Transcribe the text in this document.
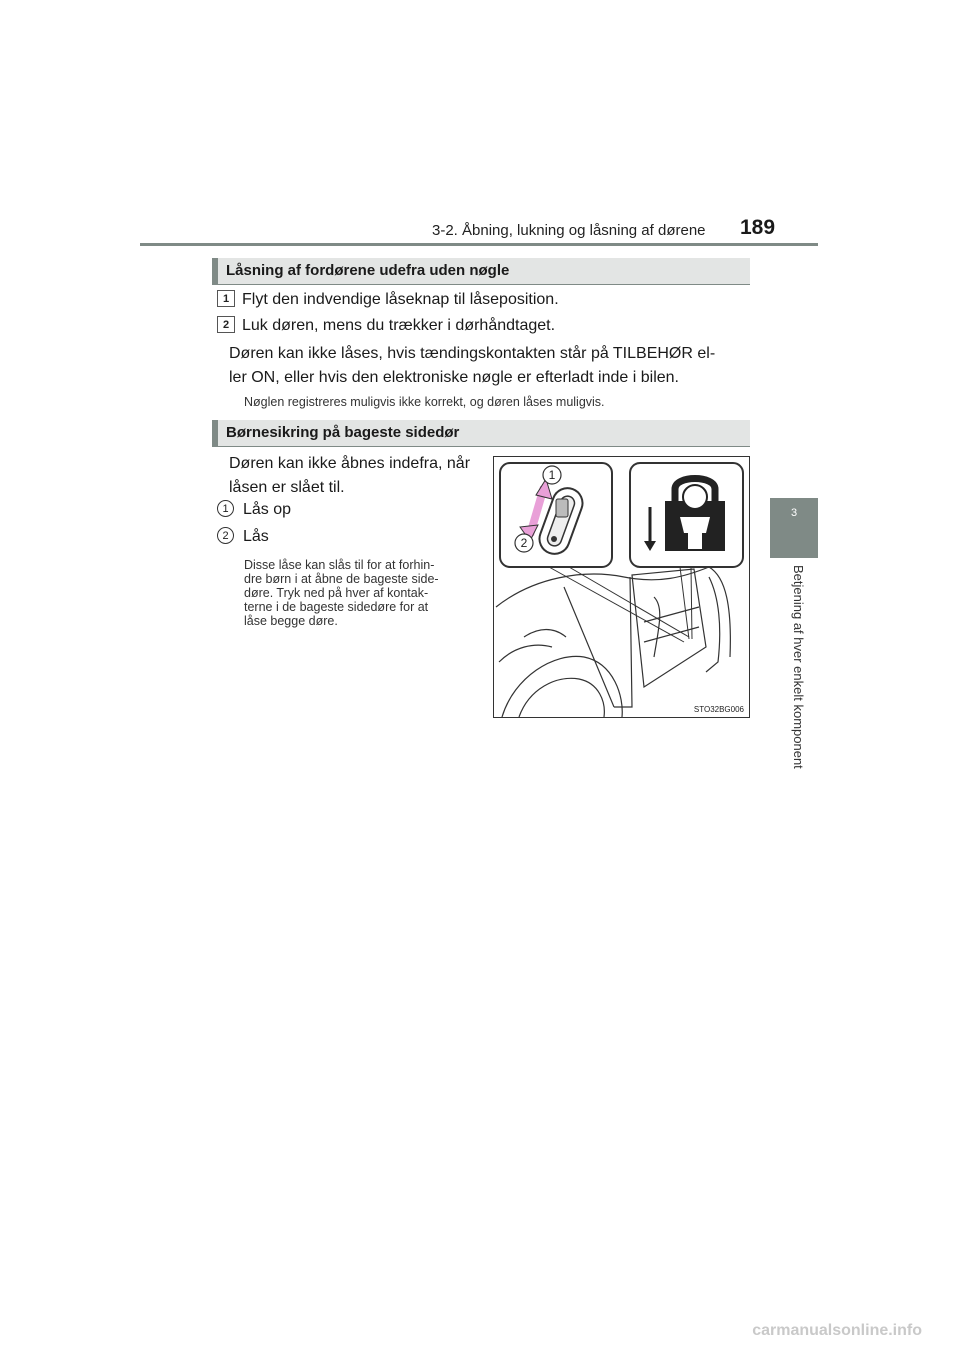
3-2. Åbning, lukning og låsning af dørene 189
3
Betjening af hver enkelt komponent
Låsning af fordørene udefra uden nøgle
1 Flyt den indvendige låseknap til låseposition.
2 Luk døren, mens du trækker i dørhåndtaget.
Døren kan ikke låses, hvis tændingskontakten står på TILBEHØR el-
ler ON, eller hvis den elektroniske nøgle er efterladt inde i bilen.
Nøglen registreres muligvis ikke korrekt, og døren låses muligvis.
Børnesikring på bageste sidedør
Døren kan ikke åbnes indefra, når
låsen er slået til.
1 Lås op
2 Lås
Disse låse kan slås til for at forhin-
dre børn i at åbne de bageste side-
døre. Tryk ned på hver af kontak-
terne i de bageste sidedøre for at
låse begge døre.
1
2
STO32BG006
carmanualsonline.info
